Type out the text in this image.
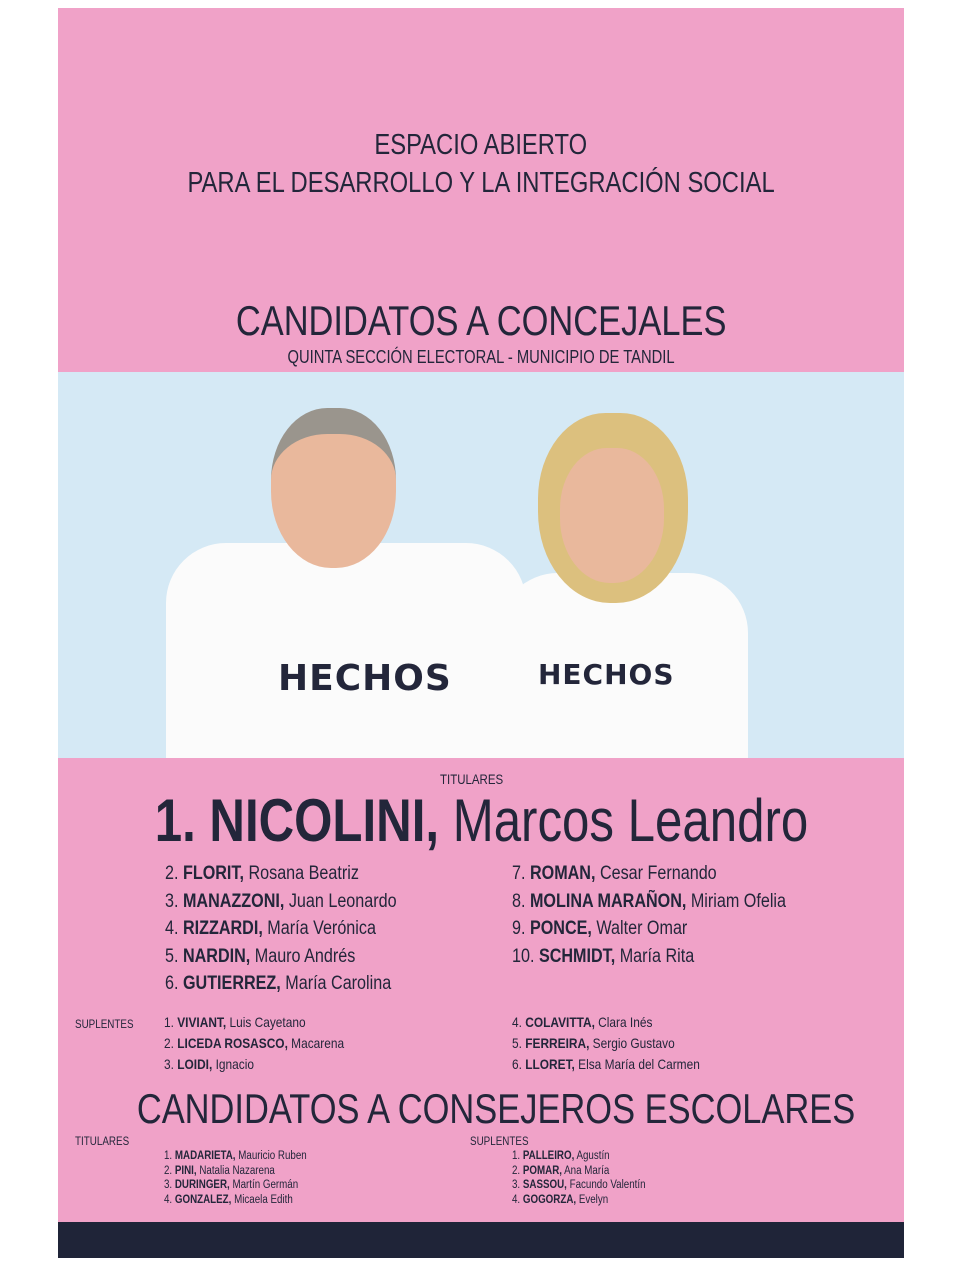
ESPACIO ABIERTO
PARA EL DESARROLLO Y LA INTEGRACIÓN SOCIAL
CANDIDATOS A CONCEJALES
QUINTA SECCIÓN ELECTORAL - MUNICIPIO DE TANDIL
HECHOS	HECHOS
TITULARES
1. NICOLINI, Marcos Leandro
2. FLORIT, Rosana Beatriz
3. MANAZZONI, Juan Leonardo
4. RIZZARDI, María Verónica
5. NARDIN, Mauro Andrés
6. GUTIERREZ, María Carolina
7. ROMAN, Cesar Fernando
8. MOLINA MARAÑON, Miriam Ofelia
9. PONCE, Walter Omar
10. SCHMIDT, María Rita
SUPLENTES	1. VIVIANT, Luis Cayetano
2. LICEDA ROSASCO, Macarena
3. LOIDI, Ignacio
4. COLAVITTA, Clara Inés
5. FERREIRA, Sergio Gustavo
6. LLORET, Elsa María del Carmen
CANDIDATOS A CONSEJEROS ESCOLARES
TITULARES	SUPLENTES
1. MADARIETA, Mauricio Ruben
2. PINI, Natalia Nazarena
3. DURINGER, Martín Germán
4. GONZALEZ, Micaela Edith
1. PALLEIRO, Agustín
2. POMAR, Ana María
3. SASSOU, Facundo Valentín
4. GOGORZA, Evelyn
